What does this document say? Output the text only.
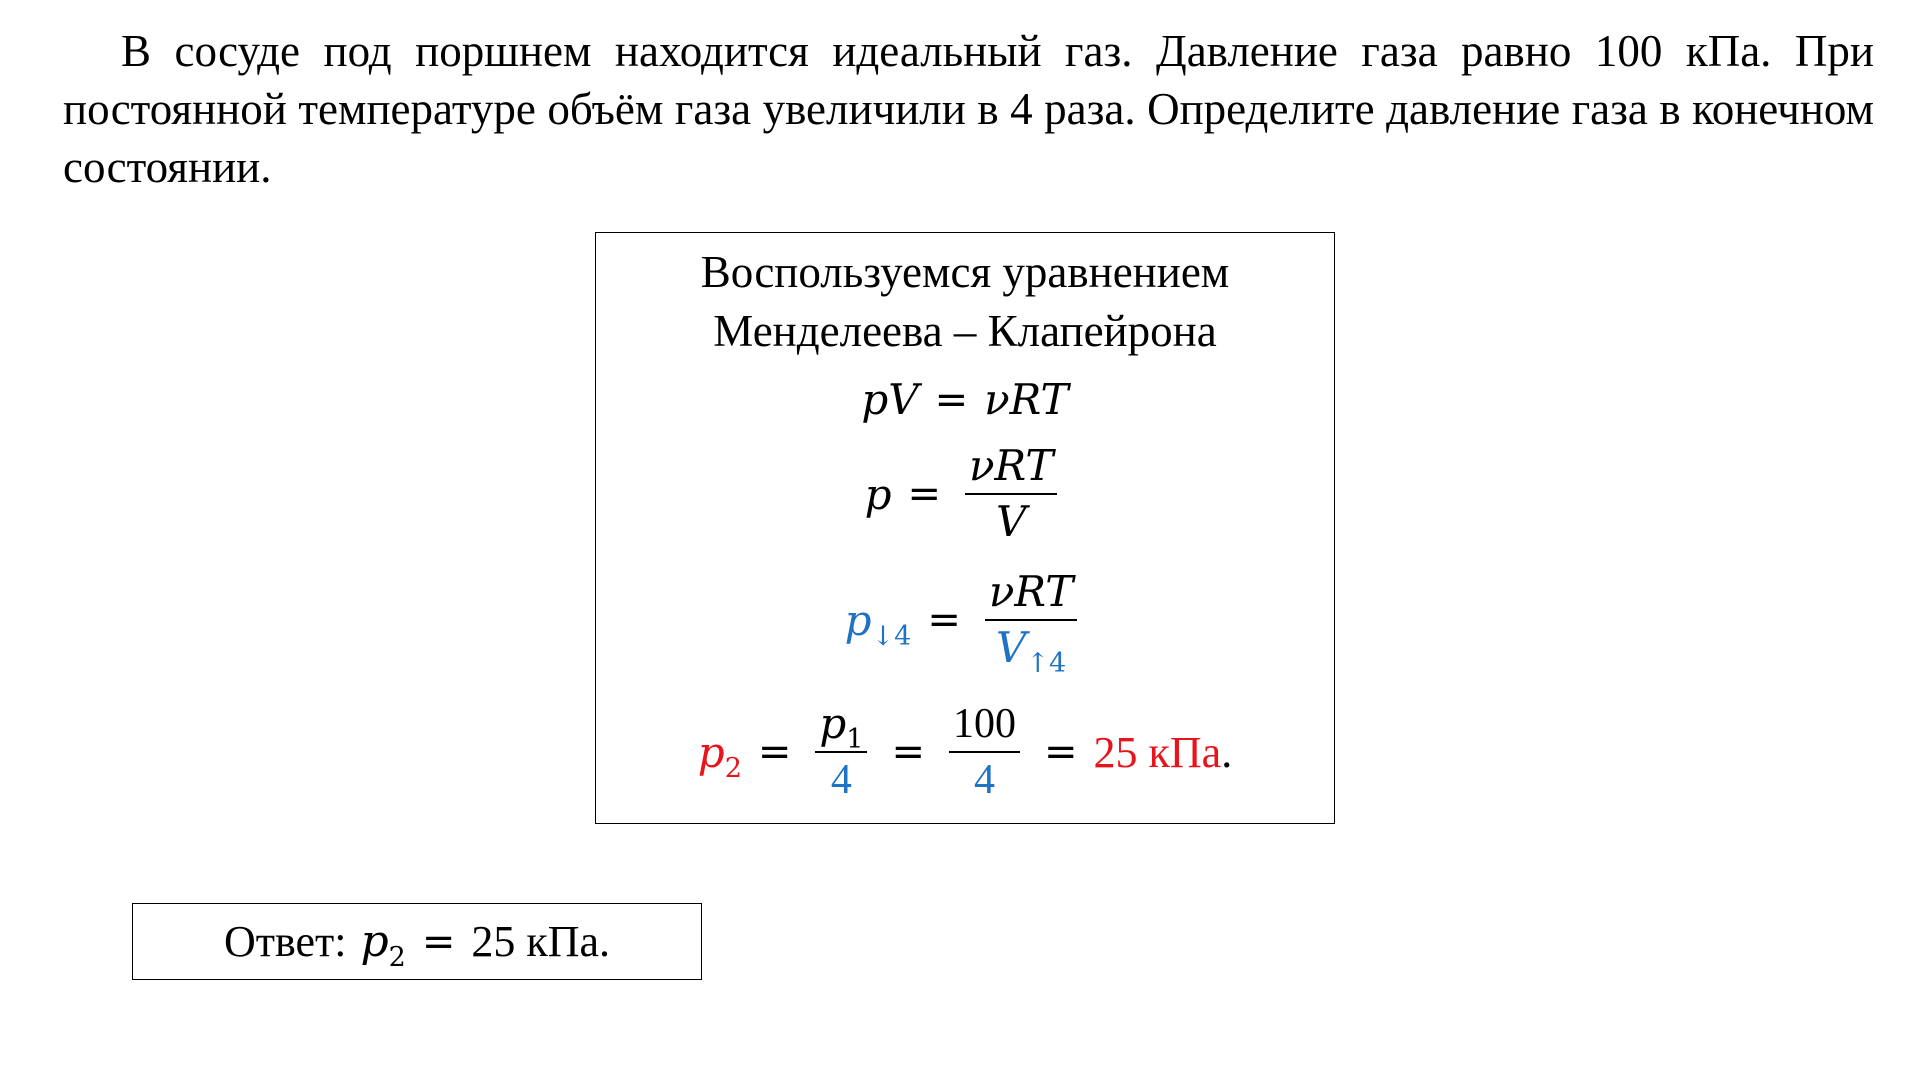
В сосуде под поршнем находится идеальный газ. Давление газа равно 100 кПа. При постоянной температуре объём газа увеличили в 4 раза. Определите давление газа в конечном состоянии.

Воспользуемся уравнением
Менделеева – Клапейрона
pV = νRT
$p = \frac{\text{νRT}}{V}$
$p_{↓4} = \frac{\text{νRT}}{V_{↑4}}$
$p_2 = \frac{p_1}{4} = \frac{100}{4} = 25$ кПа .
Ответ: $p_2 = 25$ кПа.
